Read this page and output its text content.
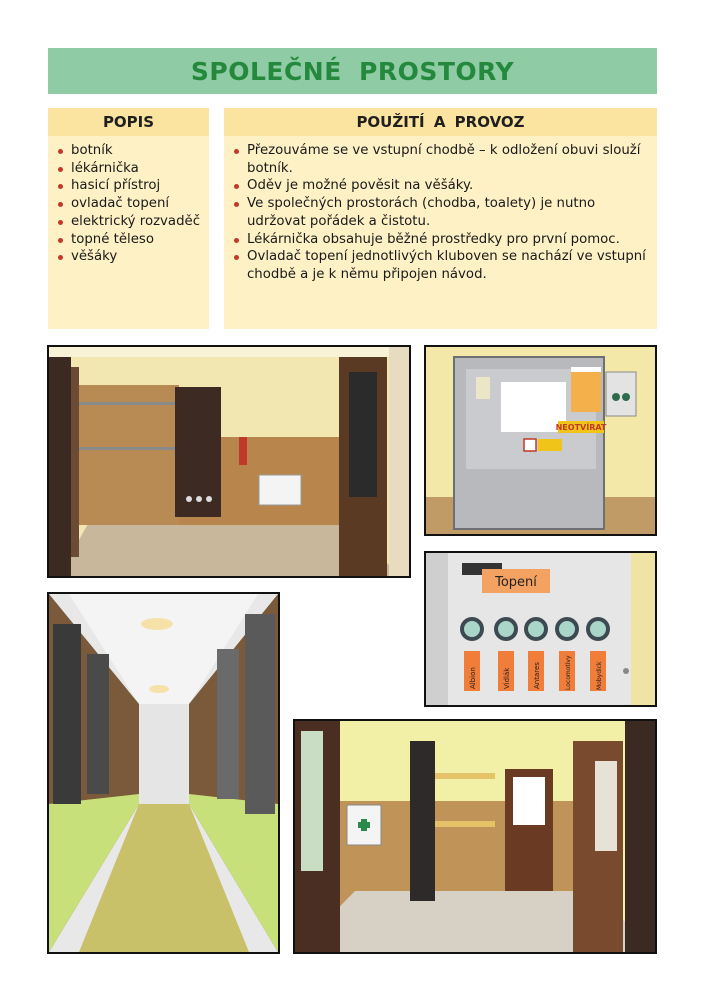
SPOLEČNÉ PROSTORY
POPIS
botník
lékárnička
hasicí přístroj
ovladač topení
elektrický rozvaděč
topné těleso
věšáky
POUŽITÍ A PROVOZ
Přezouváme se ve vstupní chodbě – k odložení obuvi slouží botník.
Oděv je možné pověsit na věšáky.
Ve společných prostorách (chodba, toalety) je nutno udržovat pořádek a čistotu.
Lékárnička obsahuje běžné prostředky pro první pomoc.
Ovladač topení jednotlivých kluboven se nachází ve vstupní chodbě a je k němu připojen návod.
NEOTVÍRAT
Topení
Albion	Vidlák	Antares	Locomotivy	Mobydick
